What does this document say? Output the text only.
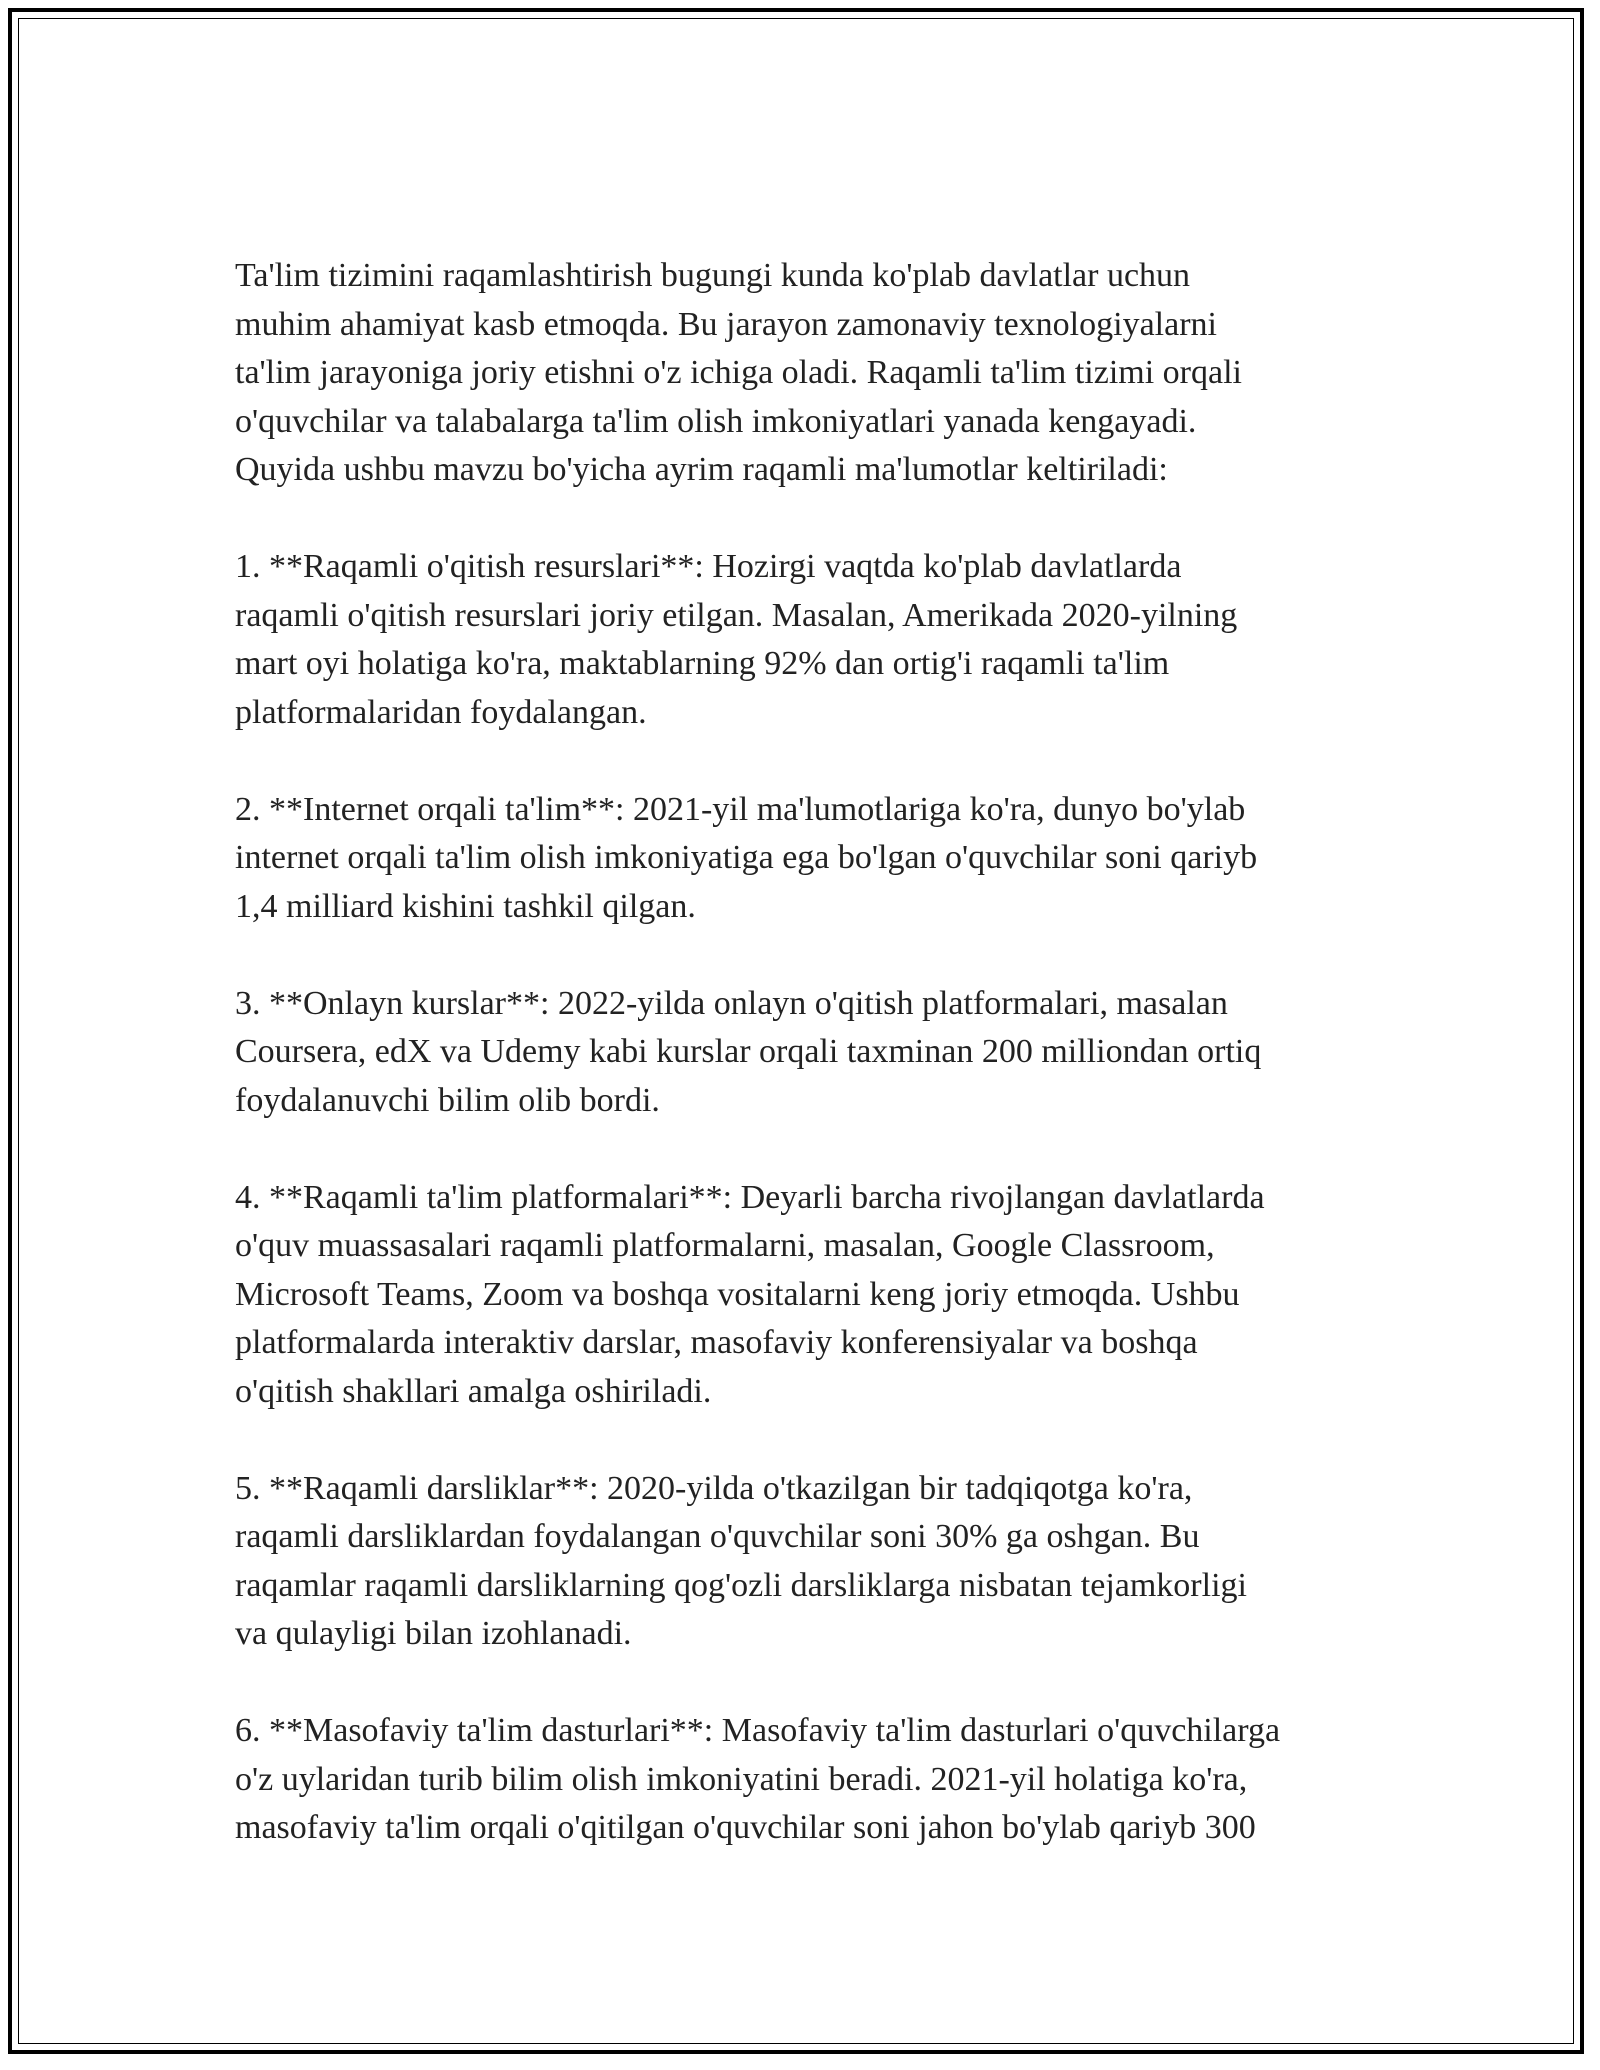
Ta'lim tizimini raqamlashtirish bugungi kunda ko'plab davlatlar uchun
muhim ahamiyat kasb etmoqda. Bu jarayon zamonaviy texnologiyalarni
ta'lim jarayoniga joriy etishni o'z ichiga oladi. Raqamli ta'lim tizimi orqali
o'quvchilar va talabalarga ta'lim olish imkoniyatlari yanada kengayadi.
Quyida ushbu mavzu bo'yicha ayrim raqamli ma'lumotlar keltiriladi:

1. **Raqamli o'qitish resurslari**: Hozirgi vaqtda ko'plab davlatlarda
raqamli o'qitish resurslari joriy etilgan. Masalan, Amerikada 2020-yilning
mart oyi holatiga ko'ra, maktablarning 92% dan ortig'i raqamli ta'lim
platformalaridan foydalangan.

2. **Internet orqali ta'lim**: 2021-yil ma'lumotlariga ko'ra, dunyo bo'ylab
internet orqali ta'lim olish imkoniyatiga ega bo'lgan o'quvchilar soni qariyb
1,4 milliard kishini tashkil qilgan.

3. **Onlayn kurslar**: 2022-yilda onlayn o'qitish platformalari, masalan
Coursera, edX va Udemy kabi kurslar orqali taxminan 200 milliondan ortiq
foydalanuvchi bilim olib bordi.

4. **Raqamli ta'lim platformalari**: Deyarli barcha rivojlangan davlatlarda
o'quv muassasalari raqamli platformalarni, masalan, Google Classroom,
Microsoft Teams, Zoom va boshqa vositalarni keng joriy etmoqda. Ushbu
platformalarda interaktiv darslar, masofaviy konferensiyalar va boshqa
o'qitish shakllari amalga oshiriladi.

5. **Raqamli darsliklar**: 2020-yilda o'tkazilgan bir tadqiqotga ko'ra,
raqamli darsliklardan foydalangan o'quvchilar soni 30% ga oshgan. Bu
raqamlar raqamli darsliklarning qog'ozli darsliklarga nisbatan tejamkorligi
va qulayligi bilan izohlanadi.

6. **Masofaviy ta'lim dasturlari**: Masofaviy ta'lim dasturlari o'quvchilarga
o'z uylaridan turib bilim olish imkoniyatini beradi. 2021-yil holatiga ko'ra,
masofaviy ta'lim orqali o'qitilgan o'quvchilar soni jahon bo'ylab qariyb 300
